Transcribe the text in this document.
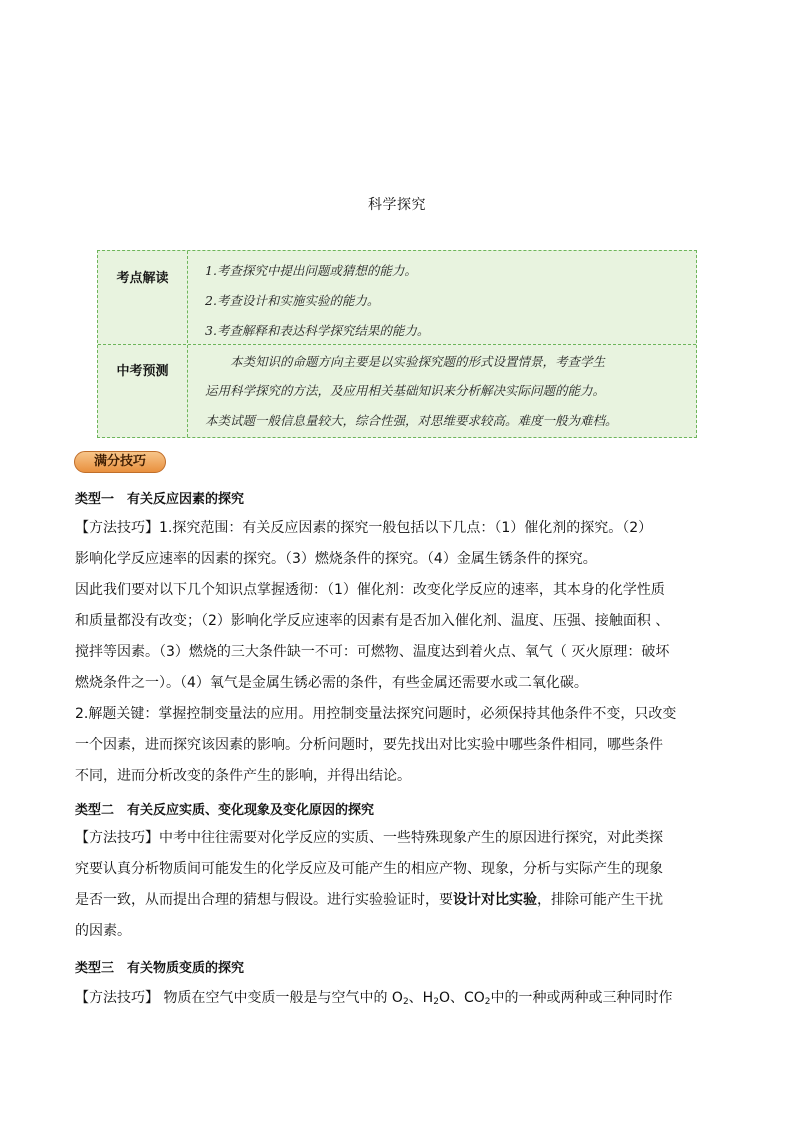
科学探究
考点解读
1.考查探究中提出问题或猜想的能力。
2.考查设计和实施实验的能力。
3.考查解释和表达科学探究结果的能力。
中考预测
本类知识的命题方向主要是以实验探究题的形式设置情景，考查学生
运用科学探究的方法，及应用相关基础知识来分析解决实际问题的能力。
本类试题一般信息量较大，综合性强，对思维要求较高。难度一般为难档。
满分技巧
类型一　有关反应因素的探究
【方法技巧】1.探究范围：有关反应因素的探究一般包括以下几点：（1）催化剂的探究。（2）
影响化学反应速率的因素的探究。（3）燃烧条件的探究。（4）金属生锈条件的探究。
因此我们要对以下几个知识点掌握透彻：（1）催化剂：改变化学反应的速率，其本身的化学性质
和质量都没有改变；（2）影响化学反应速率的因素有是否加入催化剂、温度、压强、接触面积 、
搅拌等因素。（3）燃烧的三大条件缺一不可：可燃物、温度达到着火点、氧气（ 灭火原理：破坏
燃烧条件之一）。（4）氧气是金属生锈必需的条件，有些金属还需要水或二氧化碳。
2.解题关键：掌握控制变量法的应用。用控制变量法探究问题时，必须保持其他条件不变，只改变
一个因素，进而探究该因素的影响。分析问题时，要先找出对比实验中哪些条件相同，哪些条件
不同，进而分析改变的条件产生的影响，并得出结论。
类型二　有关反应实质、变化现象及变化原因的探究
【方法技巧】中考中往往需要对化学反应的实质、一些特殊现象产生的原因进行探究，对此类探
究要认真分析物质间可能发生的化学反应及可能产生的相应产物、现象，分析与实际产生的现象
是否一致，从而提出合理的猜想与假设。进行实验验证时，要设计对比实验，排除可能产生干扰
的因素。
类型三　有关物质变质的探究
【方法技巧】 物质在空气中变质一般是与空气中的 $O_2$、$H_2O$、$CO_2$中的一种或两种或三种同时作
